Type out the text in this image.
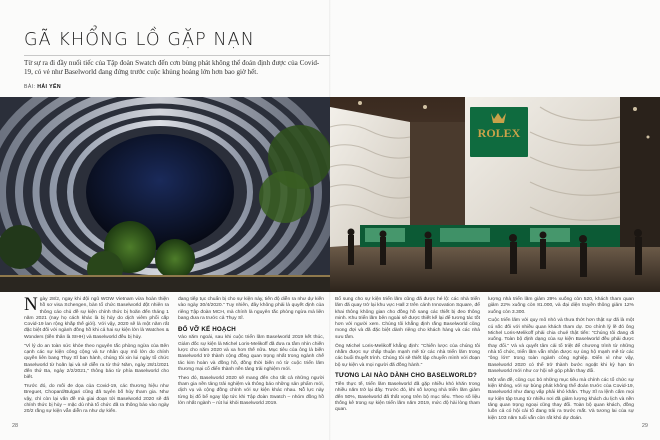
GÃ KHỔNG LỒ GẶP NẠN

Từ sự ra đi đầy nuối tiếc của Tập đoàn Swatch đến cơn bùng phát không thể đoán định được của Covid-19, có vẻ như Baselworld đang đứng trước cuộc khủng hoảng lớn hơn bao giờ hết.

BÀI: HẢI YẾN
ROLEX

N gày 28/2, ngay khi đội ngũ WOW Vietnam vừa hoàn thiện hồ sơ visa Schengen, bàn tổ chức Baselworld đột nhiên ra thông cáo chủ đề sự kiện chính thức bị hoãn đến tháng 1 năm 2021 (nay họ cách khác là bị hủy do dịch viêm phổi cấp Covid-19 lan rộng khắp thế giới). Với vậy, 2020 sẽ là một năm rất đặc biệt đối với ngành đồng hồ khi cả hai sự kiện lớn là Watches & Wonders (tiền thân là SIHH) và Baselworld đều bị hủy.

"Vì lý do an toàn sức khỏe theo nguyên tắc phòng ngừa của Bên cạnh các sự kiện công cộng và tư nhân quy mô lớn do chính quyền liên bang Thụy Sĩ ban hành, chúng tôi xin lui ngày tổ chức Baselworld từ hoãn lại và sẽ diễn ra từ thứ Năm, ngày 28/1/2021 đến thứ Ba, ngày 2/2/2021," thông báo từ phía Baselworld cho biết.

Trước đó, do mối đe dọa của Covid-19, các thương hiệu như Breguet, Chopard/Bulgari cũng đã tuyên bố hủy tham gia. Như vậy, chỉ còn lại vấn đề mà giai đoạn tới Baselworld 2020 sẽ đã chính thức bị hủy – mặc dù nhà tổ chức đã ra thông báo vào ngày 20/2 rằng sự kiện vẫn diễn ra như dự kiến.

đang tiếp tục chuẩn bị cho sự kiện này, tiến độ diễn ra như dự kiến vào ngày 30/4/2020." Tuy nhiên, đây không phải là quyết định của riêng Tập đoàn MCH, mà chính là nguyên tắc phòng ngừa mà liên bang đưa ra trước cả Thụy Sĩ.

ĐỔ VỠ KẾ HOẠCH

Vào năm ngoái, sau khi cuộc triển lãm Baselworld 2019 kết thúc, Giám đốc sự kiện là Michel Loris-Melikoff đã đưa ra tầm nhìn chiến lược cho năm 2020 và xa hơn thế nữa. Mục tiêu của ông là biến Baselworld trở thành cộng đồng quan trọng nhất trong ngành chế tác kim hoàn và đồng hồ, đồng thời biến nó từ cuộc triển lãm thương mại cổ điển thành nền tảng trải nghiệm mới.

Theo đó, Baselworld 2020 sẽ mang đến cho tất cả những người tham gia nền tảng trải nghiệm và thông báo những sản phẩm mới, dịch vụ và cộng đồng chính với sự kiện khác nhau. Nỗ lực này từng bị đổ bể ngay lập tức khi Tập đoàn Swatch – nhóm đồng hồ lớn nhất ngành – rút lui khỏi Baselworld 2019.

Bổ sung cho sự kiện triển lãm cũng đã được hé lộ: các nhà triển lãm đã quay trở lại khu vực Hall 2 trên cánh Innovation Square, để khai thông không gian cho đồng hồ sang các thiết bị đeo thông minh. Khu triển lãm bên ngoài sẽ được thiết kế lại để tương tác tốt hơn với người xem. Chúng tôi khẳng định rằng Baselworld cũng mong đợi và đã đặc biệt dành riêng cho khách hàng và các nhà sưu tầm.

Ông Michel Loris-Melikoff khẳng định: "Chiến lược của chúng tôi nhằm được sự chấp thuận mạnh mẽ từ các nhà triển lãm trong các buổi thuyết trình. Chúng tôi sẽ thiết lập chuyển mình với đoạn bộ sự kiện và mọi người đã đồng hành."

TƯƠNG LAI NÀO DÀNH CHO BASELWORLD?

Tiền thực tế, triển lãm Baselworld đã gặp nhiều khó khăn trong nhiều năm trở lại đây. Trước đó, khi số lượng nhà triển lãm giảm đến 50%, Baselworld đã thất vọng trên bộ mục tiêu. Theo số liệu thống kê trong sự kiện triển lãm năm 2019, mức độ hài lòng tham quan.

lượng nhà triển lãm giảm 29% xuống còn 520, khách tham quan giảm 22% xuống còn 81.000, và đại diện truyền thông giảm 12% xuống còn 3.300.

Cuộc triển lãm với quy mô nhỏ và thưa thớt hơn thật sự đã là một cú sốc đối với nhiều quan khách tham dự. Do chính lý lẽ đó ông Michel Loris-Melikoff phải chia chuẻ thật tiến: "Chúng tôi đang đi xuống. Toàn bộ định dạng của sự kiện Baselworld đều phải được thay đổi." Và và quyết tâm cải tổ triệt để chương trình từ những nhà tổ chức, triển lãm vẫn nhận được sự ủng hộ mạnh mẽ từ các "ông lớn" trong toàn ngành công nghiệp. Điển vì như vậy, Baselworld 2020 có thể trở thành bước ngoặt khi kỳ hạn tin Baselworld mới như cơ hội sẽ góp phần thay đổi.

Một vấn đề, cũng cục bỏ những mục tiêu mà chính các tổ chức sự kiện không, với sự bùng phát không thể đoán trước của Covid-19, Baselworld như đang vấp phải khó khăn. Thụy Sĩ ra lệnh cấm mọi sự kiện tập trung từ nhiều nơi đã giảm lượng khách du lịch và nền tảng quan trọng ngoại cũng thay đổi. Toàn bộ quan khách, đồng luồn cả có hội cải tổ đang trải ra trước mắt. Và tương lai của sự kiện 103 năm tuổi vẫn còn rất khó dự đoán.

28	29
